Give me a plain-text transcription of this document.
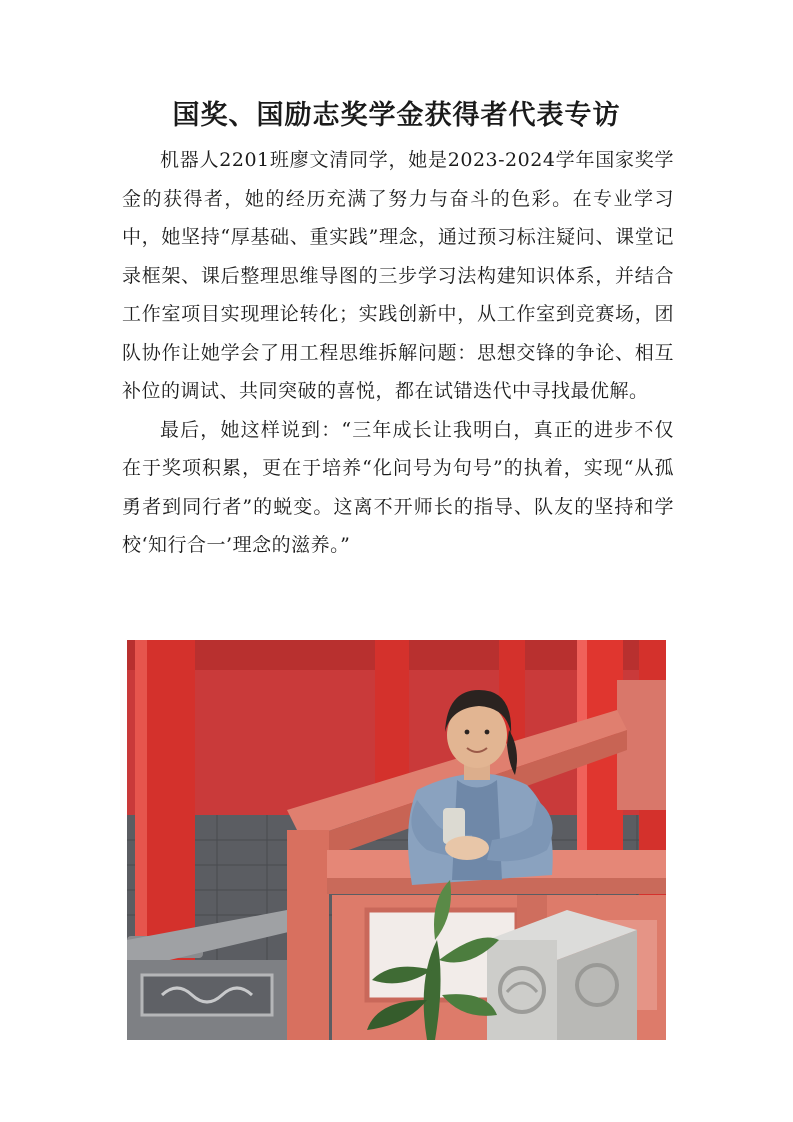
国奖、国励志奖学金获得者代表专访

机器人2201班廖文清同学，她是2023-2024学年国家奖学金的获得者，她的经历充满了努力与奋斗的色彩。在专业学习中，她坚持“厚基础、重实践”理念，通过预习标注疑问、课堂记录框架、课后整理思维导图的三步学习法构建知识体系，并结合工作室项目实现理论转化；实践创新中，从工作室到竞赛场，团队协作让她学会了用工程思维拆解问题：思想交锋的争论、相互补位的调试、共同突破的喜悦，都在试错迭代中寻找最优解。

最后，她这样说到：“三年成长让我明白，真正的进步不仅在于奖项积累，更在于培养“化问号为句号”的执着，实现“从孤勇者到同行者”的蜕变。这离不开师长的指导、队友的坚持和学校‘知行合一’理念的滋养。”
